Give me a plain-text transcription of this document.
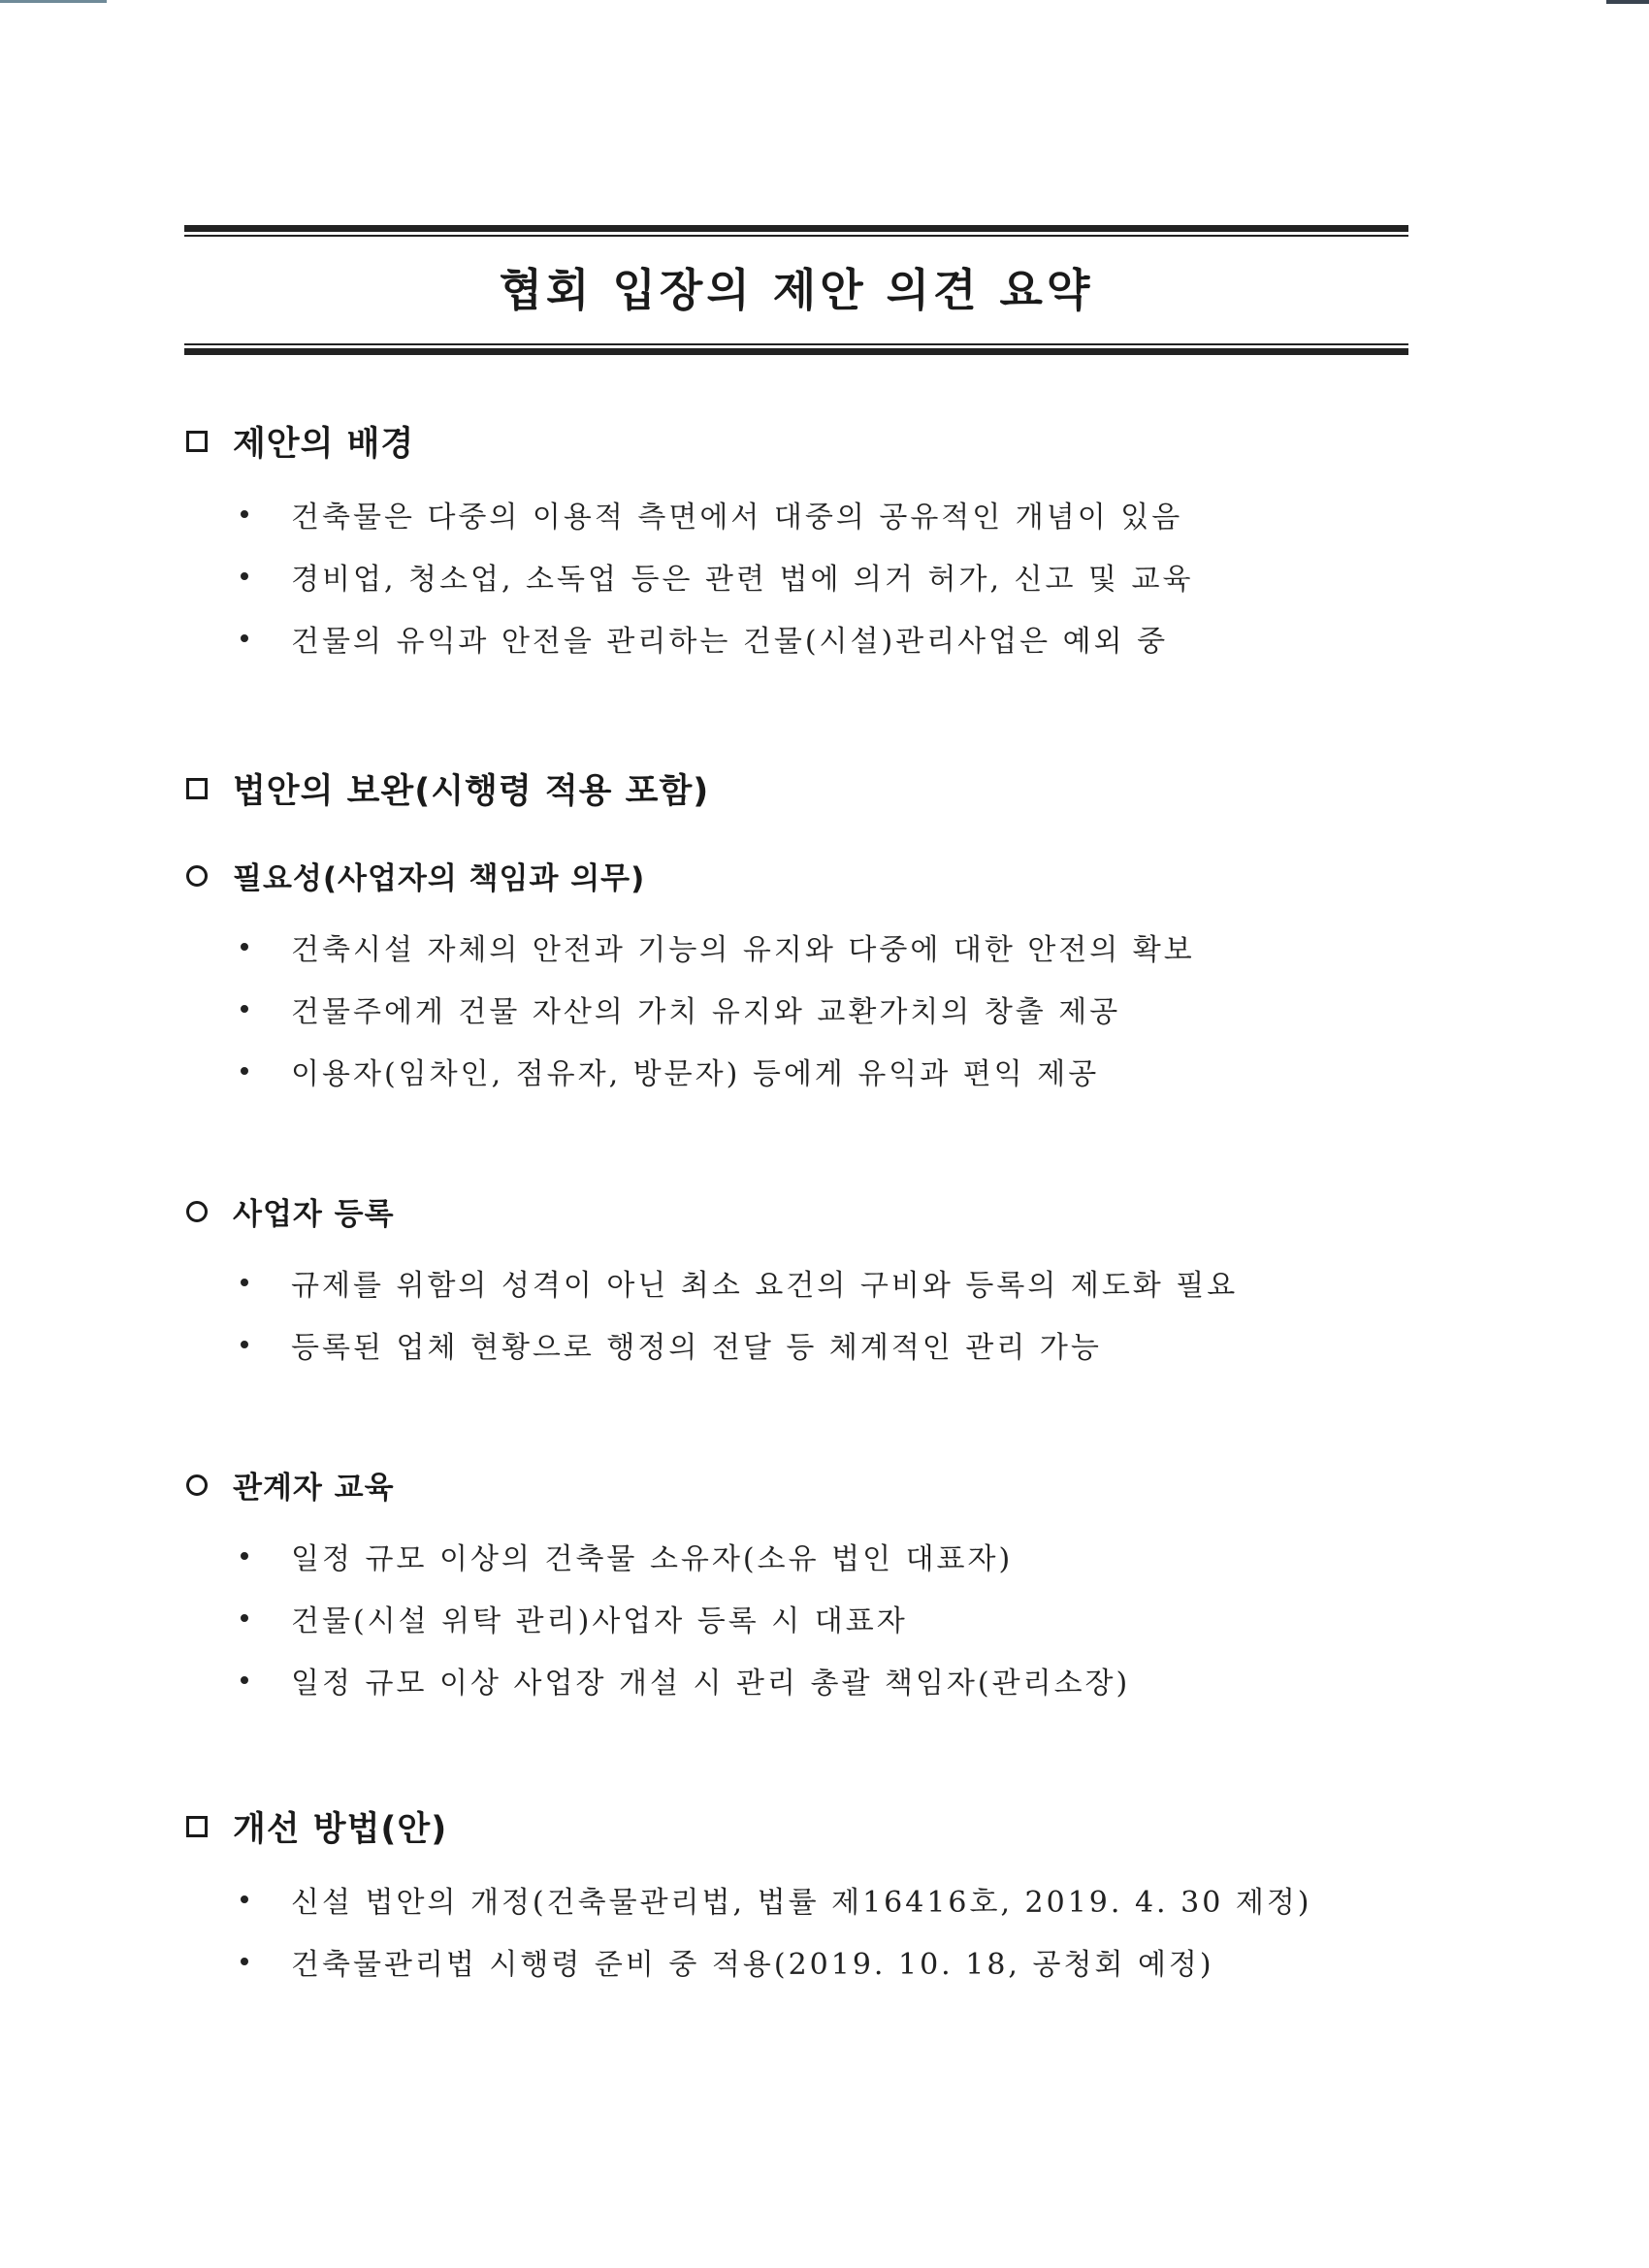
협회 입장의 제안 의견 요약
제안의 배경
건축물은 다중의 이용적 측면에서 대중의 공유적인 개념이 있음
경비업, 청소업, 소독업 등은 관련 법에 의거 허가, 신고 및 교육
건물의 유익과 안전을 관리하는 건물(시설)관리사업은 예외 중
법안의 보완(시행령 적용 포함)
필요성(사업자의 책임과 의무)
건축시설 자체의 안전과 기능의 유지와 다중에 대한 안전의 확보
건물주에게 건물 자산의 가치 유지와 교환가치의 창출 제공
이용자(임차인, 점유자, 방문자) 등에게 유익과 편익 제공
사업자 등록
규제를 위함의 성격이 아닌 최소 요건의 구비와 등록의 제도화 필요
등록된 업체 현황으로 행정의 전달 등 체계적인 관리 가능
관계자 교육
일정 규모 이상의 건축물 소유자(소유 법인 대표자)
건물(시설 위탁 관리)사업자 등록 시 대표자
일정 규모 이상 사업장 개설 시 관리 총괄 책임자(관리소장)
개선 방법(안)
신설 법안의 개정(건축물관리법, 법률 제16416호, 2019. 4. 30 제정)
건축물관리법 시행령 준비 중 적용(2019. 10. 18, 공청회 예정)
